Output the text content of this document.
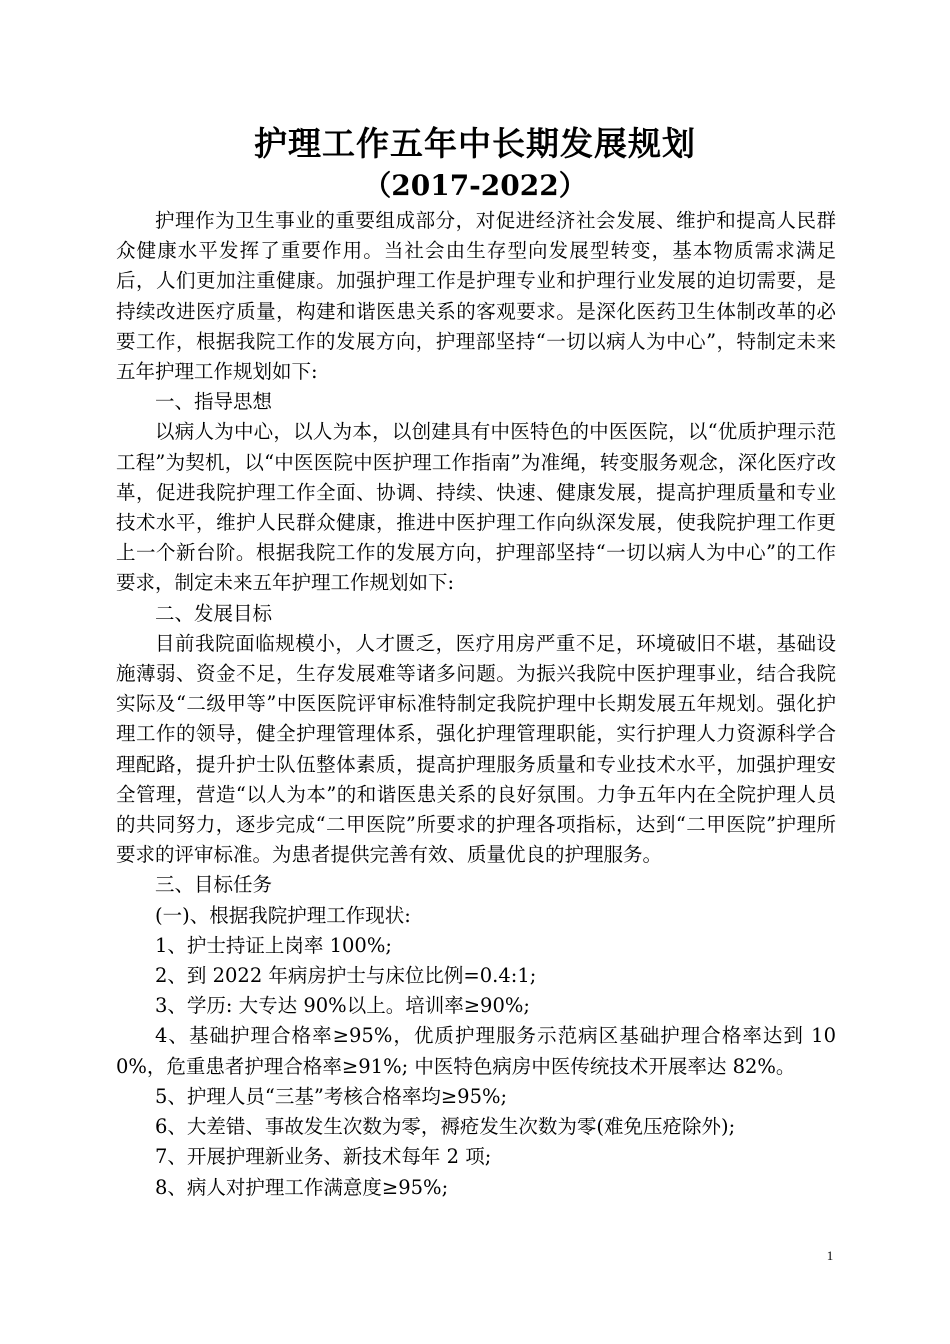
护理工作五年中长期发展规划
（2017-2022）

护理作为卫生事业的重要组成部分，对促进经济社会发展、维护和提高人民群众健康水平发挥了重要作用。当社会由生存型向发展型转变，基本物质需求满足后，人们更加注重健康。加强护理工作是护理专业和护理行业发展的迫切需要，是持续改进医疗质量，构建和谐医患关系的客观要求。是深化医药卫生体制改革的必要工作，根据我院工作的发展方向，护理部坚持“一切以病人为中心”，特制定未来五年护理工作规划如下:

一、指导思想

以病人为中心，以人为本，以创建具有中医特色的中医医院，以“优质护理示范工程”为契机，以“中医医院中医护理工作指南”为准绳，转变服务观念，深化医疗改革，促进我院护理工作全面、协调、持续、快速、健康发展，提高护理质量和专业技术水平，维护人民群众健康，推进中医护理工作向纵深发展，使我院护理工作更上一个新台阶。根据我院工作的发展方向，护理部坚持“一切以病人为中心”的工作要求，制定未来五年护理工作规划如下:

二、发展目标

目前我院面临规模小，人才匮乏，医疗用房严重不足，环境破旧不堪，基础设施薄弱、资金不足，生存发展难等诸多问题。为振兴我院中医护理事业，结合我院实际及“二级甲等”中医医院评审标准特制定我院护理中长期发展五年规划。强化护理工作的领导，健全护理管理体系，强化护理管理职能，实行护理人力资源科学合理配路，提升护士队伍整体素质，提高护理服务质量和专业技术水平，加强护理安全管理，营造“以人为本”的和谐医患关系的良好氛围。力争五年内在全院护理人员的共同努力，逐步完成“二甲医院”所要求的护理各项指标，达到“二甲医院”护理所要求的评审标准。为患者提供完善有效、质量优良的护理服务。

三、目标任务

(一)、根据我院护理工作现状:

1、护士持证上岗率 100%;

2、到 2022 年病房护士与床位比例=0.4:1;

3、学历: 大专达 90%以上。培训率≥90%;

4、基础护理合格率≥95%，优质护理服务示范病区基础护理合格率达到 100%，危重患者护理合格率≥91%; 中医特色病房中医传统技术开展率达 82%。

5、护理人员“三基”考核合格率均≥95%;

6、大差错、事故发生次数为零，褥疮发生次数为零(难免压疮除外);

7、开展护理新业务、新技术每年 2 项;

8、病人对护理工作满意度≥95%;

1
